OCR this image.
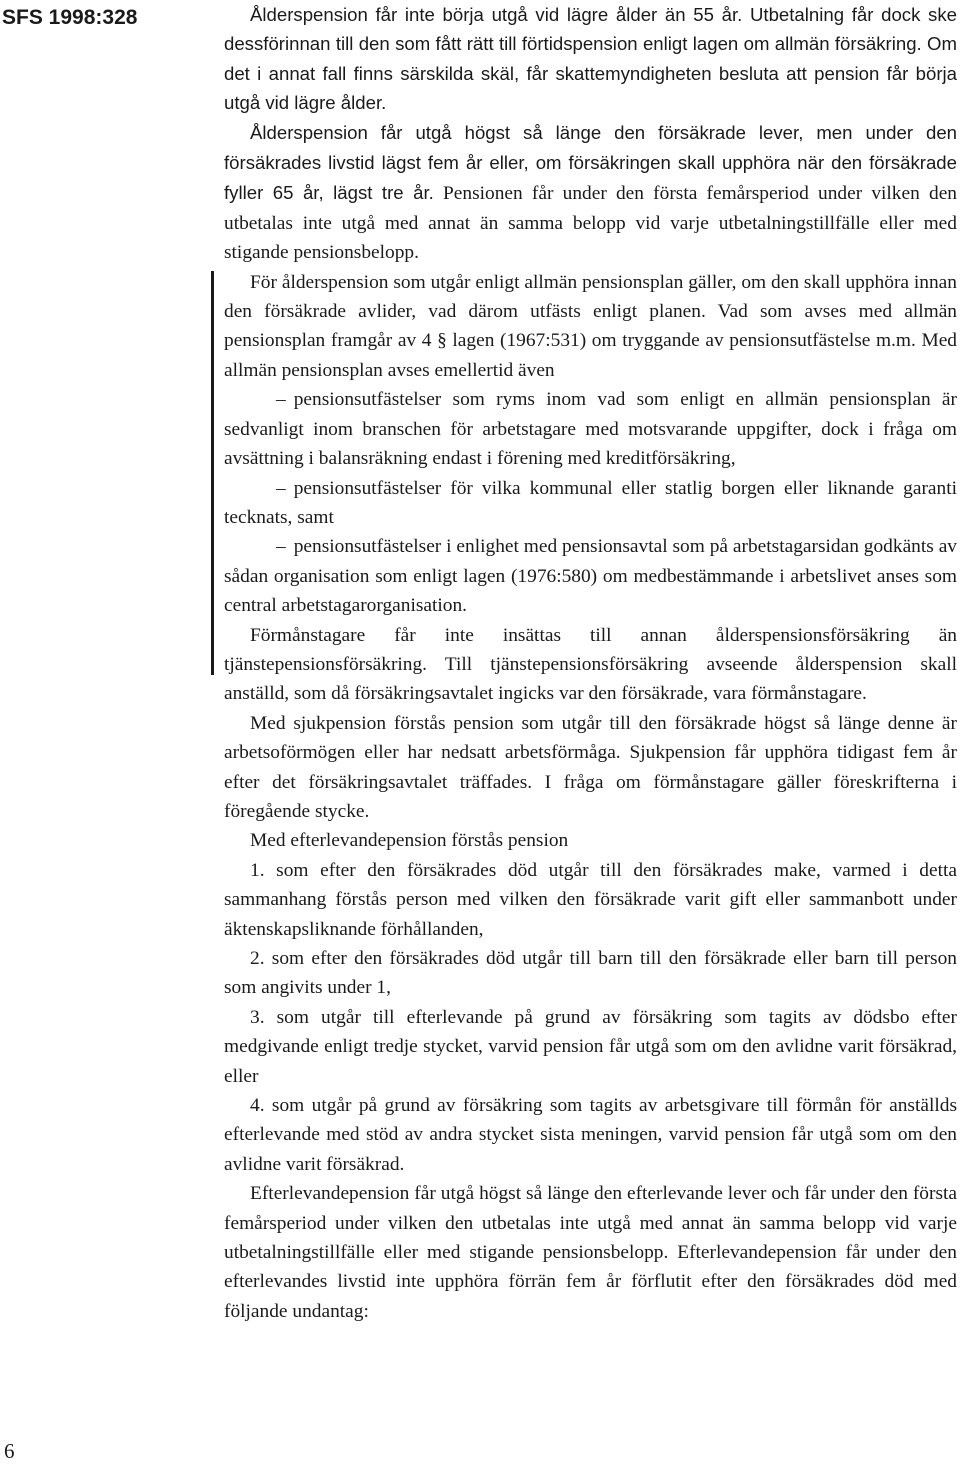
SFS 1998:328	Ålderspension får inte börja utgå vid lägre ålder än 55 år. Utbetalning får dock ske dessförinnan till den som fått rätt till förtidspension enligt lagen om allmän försäkring. Om det i annat fall finns särskilda skäl, får skattemyndigheten besluta att pension får börja utgå vid lägre ålder.

Ålderspension får utgå högst så länge den försäkrade lever, men under den försäkrades livstid lägst fem år eller, om försäkringen skall upphöra när den försäkrade fyller 65 år, lägst tre år. Pensionen får under den första femårsperiod under vilken den utbetalas inte utgå med annat än samma belopp vid varje utbetalningstillfälle eller med stigande pensionsbelopp.

För ålderspension som utgår enligt allmän pensionsplan gäller, om den skall upphöra innan den försäkrade avlider, vad därom utfästs enligt planen. Vad som avses med allmän pensionsplan framgår av 4 § lagen (1967:531) om tryggande av pensionsutfästelse m.m. Med allmän pensionsplan avses emellertid även

– pensionsutfästelser som ryms inom vad som enligt en allmän pensionsplan är sedvanligt inom branschen för arbetstagare med motsvarande uppgifter, dock i fråga om avsättning i balansräkning endast i förening med kreditförsäkring,

– pensionsutfästelser för vilka kommunal eller statlig borgen eller liknande garanti tecknats, samt

– pensionsutfästelser i enlighet med pensionsavtal som på arbetstagarsidan godkänts av sådan organisation som enligt lagen (1976:580) om medbestämmande i arbetslivet anses som central arbetstagarorganisation.

Förmånstagare får inte insättas till annan ålderspensionsförsäkring än tjänstepensionsförsäkring. Till tjänstepensionsförsäkring avseende ålderspension skall anställd, som då försäkringsavtalet ingicks var den försäkrade, vara förmånstagare.

Med sjukpension förstås pension som utgår till den försäkrade högst så länge denne är arbetsoförmögen eller har nedsatt arbetsförmåga. Sjukpension får upphöra tidigast fem år efter det försäkringsavtalet träffades. I fråga om förmånstagare gäller föreskrifterna i föregående stycke.

Med efterlevandepension förstås pension

1. som efter den försäkrades död utgår till den försäkrades make, varmed i detta sammanhang förstås person med vilken den försäkrade varit gift eller sammanbott under äktenskapsliknande förhållanden,

2. som efter den försäkrades död utgår till barn till den försäkrade eller barn till person som angivits under 1,

3. som utgår till efterlevande på grund av försäkring som tagits av dödsbo efter medgivande enligt tredje stycket, varvid pension får utgå som om den avlidne varit försäkrad, eller

4. som utgår på grund av försäkring som tagits av arbetsgivare till förmån för anställds efterlevande med stöd av andra stycket sista meningen, varvid pension får utgå som om den avlidne varit försäkrad.

Efterlevandepension får utgå högst så länge den efterlevande lever och får under den första femårsperiod under vilken den utbetalas inte utgå med annat än samma belopp vid varje utbetalningstillfälle eller med stigande pensionsbelopp. Efterlevandepension får under den efterlevandes livstid inte upphöra förrän fem år förflutit efter den försäkrades död med följande undantag:

6
